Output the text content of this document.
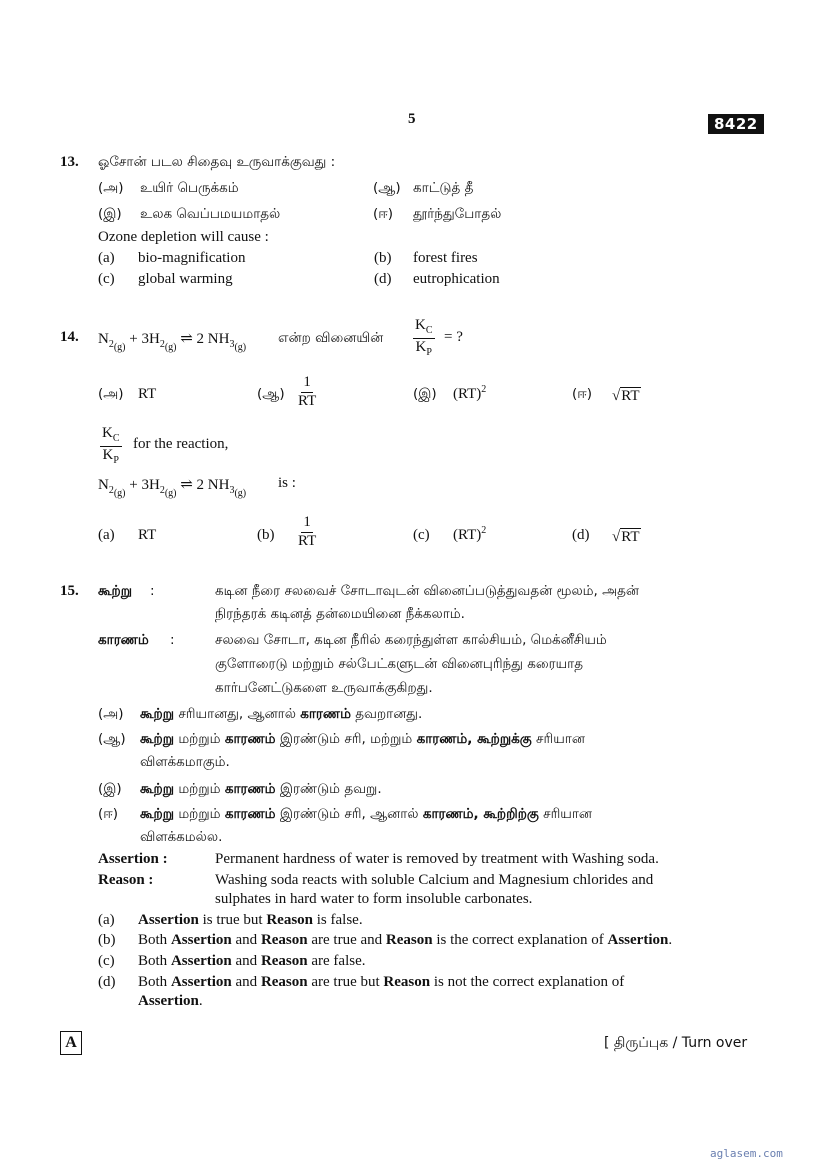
5	8422
13. ஓசோன் படல சிதைவு உருவாக்குவது :
(அ) உயிர் பெருக்கம்	(ஆ) காட்டுத் தீ
(இ) உலக வெப்பமயமாதல்	(ஈ) தூர்ந்துபோதல்
Ozone depletion will cause :
(a) bio-magnification	(b) forest fires
(c) global warming	(d) eutrophication
14. $N_{2_{(g)}} + 3H_{2_{(g)}}$ ⇌ 2 $NH_{3_{(g)}}$
என்ற வினையின் $\frac{K_C}{K_P}$ = ?
(அ) RT	(ஆ) $\frac{1}{RT}$	(இ) (RT)$^2$	(ஈ) √RT
$\frac{K_C}{K_P}$ for the reaction,
$N_{2_{(g)}} + 3H_{2_{(g)}}$ ⇌ 2 $NH_{3_{(g)}}$
is :
(a) RT	$(b) \frac{1}{RT}$	(c) (RT)$^2$	(d) √RT
15. கூற்று :	கடின நீரை சலவைச் சோடாவுடன் வினைப்படுத்துவதன் மூலம், அதன்
நிரந்தரக் கடினத் தன்மையினை நீக்கலாம்.
காரணம் :	சலவை சோடா, கடின நீரில் கரைந்துள்ள கால்சியம், மெக்னீசியம்
குளோரைடு மற்றும் சல்பேட்களுடன் வினைபுரிந்து கரையாத
கார்பனேட்டுகளை உருவாக்குகிறது.
(அ) கூற்று சரியானது, ஆனால் காரணம் தவறானது.
(ஆ) கூற்று மற்றும் காரணம் இரண்டும் சரி, மற்றும் காரணம், கூற்றுக்கு சரியான
விளக்கமாகும்.
(இ) கூற்று மற்றும் காரணம் இரண்டும் தவறு.
(ஈ) கூற்று மற்றும் காரணம் இரண்டும் சரி, ஆனால் காரணம், கூற்றிற்கு சரியான
விளக்கமல்ல.
Assertion :	Permanent hardness of water is removed by treatment with Washing soda.
Reason :	Washing soda reacts with soluble Calcium and Magnesium chlorides and
sulphates in hard water to form insoluble carbonates.
(a) Assertion is true but Reason is false.
(b) Both Assertion and Reason are true and Reason is the correct explanation of Assertion.
(c) Both Assertion and Reason are false.
(d) Both Assertion and Reason are true but Reason is not the correct explanation of
Assertion.
A	[ திருப்புக / Turn over
aglasem.com
